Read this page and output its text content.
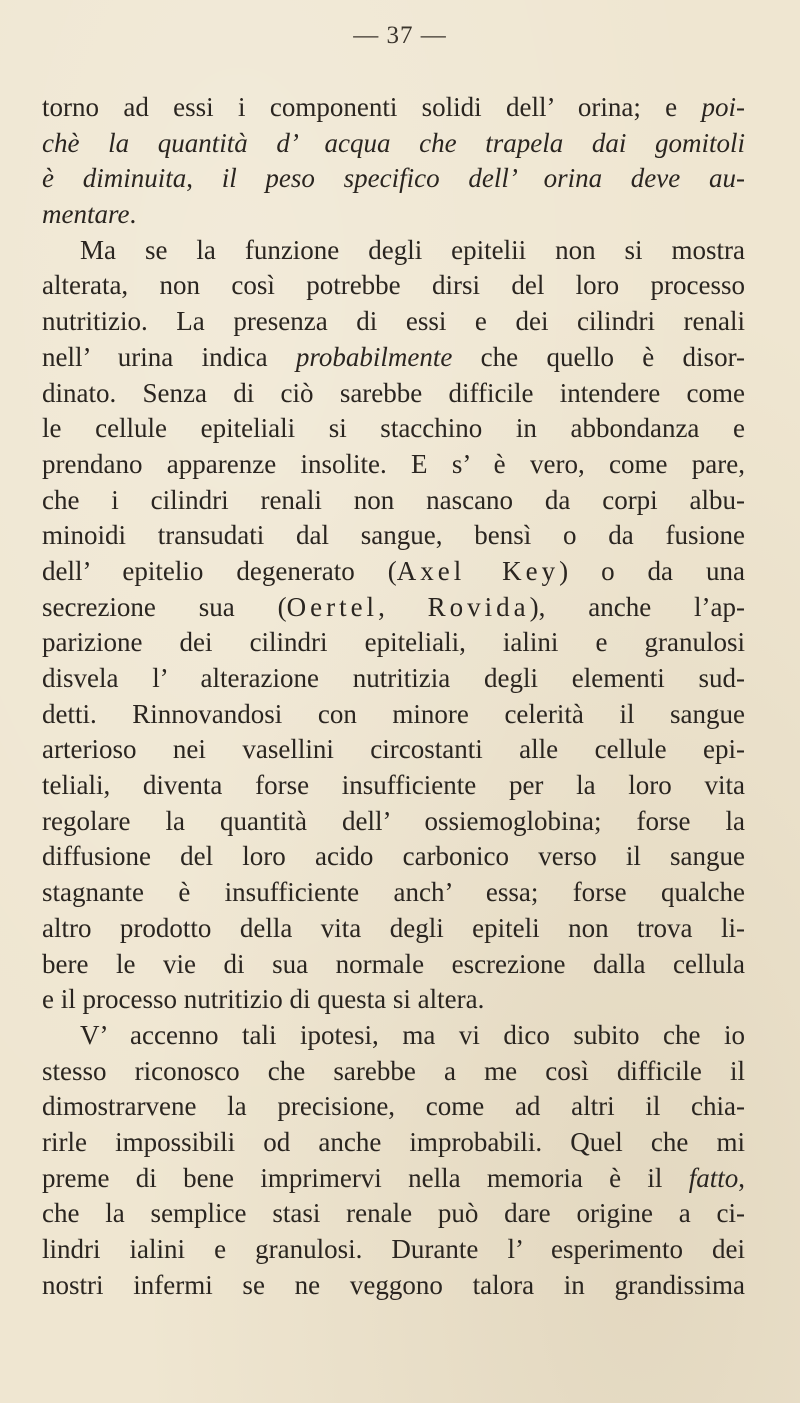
— 37 —
torno ad essi i componenti solidi dell’ orina; e poi-
chè la quantità d’ acqua che trapela dai gomitoli
è diminuita, il peso specifico dell’ orina deve au-
mentare.
Ma se la funzione degli epitelii non si mostra
alterata, non così potrebbe dirsi del loro processo
nutritizio. La presenza di essi e dei cilindri renali
nell’ urina indica probabilmente che quello è disor-
dinato. Senza di ciò sarebbe difficile intendere come
le cellule epiteliali si stacchino in abbondanza e
prendano apparenze insolite. E s’ è vero, come pare,
che i cilindri renali non nascano da corpi albu-
minoidi transudati dal sangue, bensì o da fusione
dell’ epitelio degenerato (Axel Key) o da una
secrezione sua (Oertel, Rovida), anche l’ap-
parizione dei cilindri epiteliali, ialini e granulosi
disvela l’ alterazione nutritizia degli elementi sud-
detti. Rinnovandosi con minore celerità il sangue
arterioso nei vasellini circostanti alle cellule epi-
teliali, diventa forse insufficiente per la loro vita
regolare la quantità dell’ ossiemoglobina; forse la
diffusione del loro acido carbonico verso il sangue
stagnante è insufficiente anch’ essa; forse qualche
altro prodotto della vita degli epiteli non trova li-
bere le vie di sua normale escrezione dalla cellula
e il processo nutritizio di questa si altera.
V’ accenno tali ipotesi, ma vi dico subito che io
stesso riconosco che sarebbe a me così difficile il
dimostrarvene la precisione, come ad altri il chia-
rirle impossibili od anche improbabili. Quel che mi
preme di bene imprimervi nella memoria è il fatto,
che la semplice stasi renale può dare origine a ci-
lindri ialini e granulosi. Durante l’ esperimento dei
nostri infermi se ne veggono talora in grandissima
